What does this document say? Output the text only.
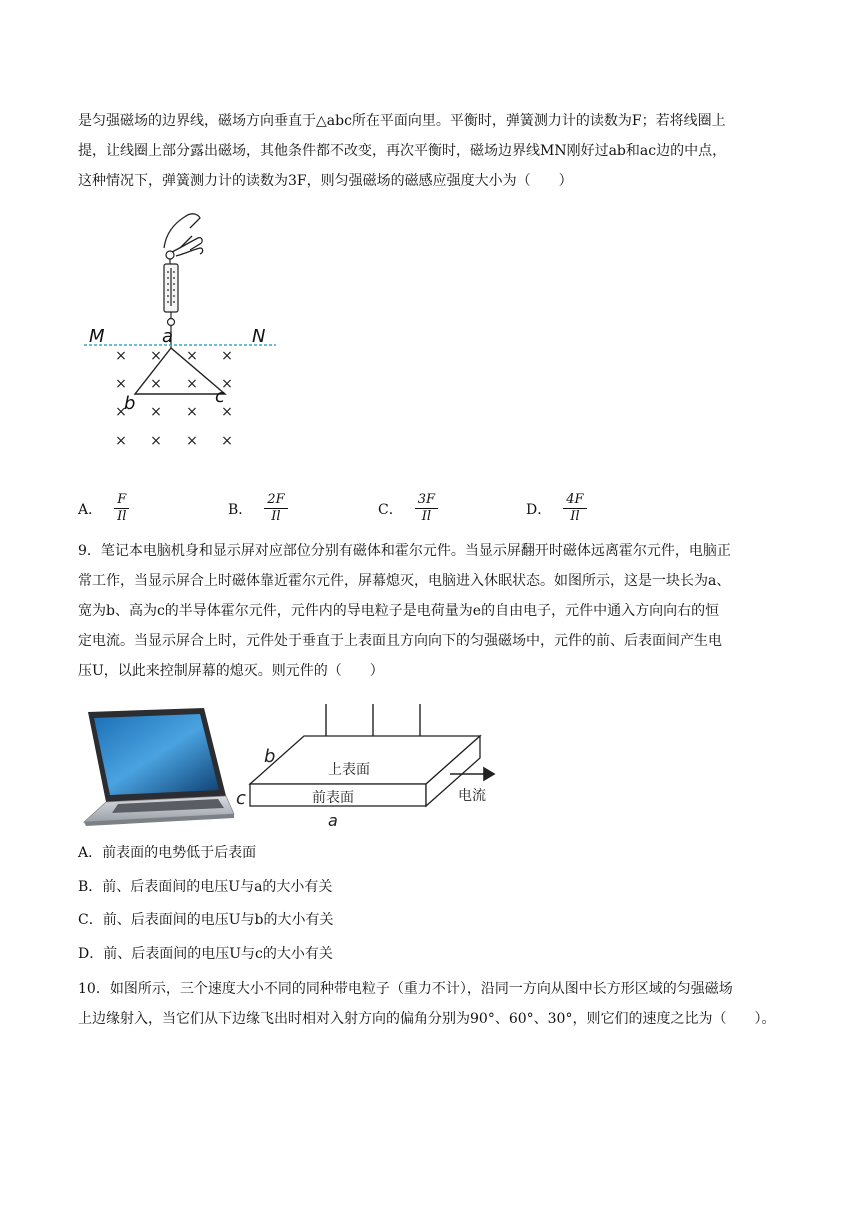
是匀强磁场的边界线，磁场方向垂直于△abc所在平面向里。平衡时，弹簧测力计的读数为F；若将线圈上
提，让线圈上部分露出磁场，其他条件都不改变，再次平衡时，磁场边界线MN刚好过ab和ac边的中点，
这种情况下，弹簧测力计的读数为3F，则匀强磁场的磁感应强度大小为（　　）
M	a	N
b	c
× × × ×
× × × ×
× × × ×
× × × ×
A． $\frac{F}{Il}$	B． $\frac{2F}{Il}$	C． $\frac{3F}{Il}$	D． $\frac{4F}{Il}$
9．笔记本电脑机身和显示屏对应部位分别有磁体和霍尔元件。当显示屏翻开时磁体远离霍尔元件，电脑正
常工作，当显示屏合上时磁体靠近霍尔元件，屏幕熄灭，电脑进入休眠状态。如图所示，这是一块长为a、
宽为b、高为c的半导体霍尔元件，元件内的导电粒子是电荷量为e的自由电子，元件中通入方向向右的恒
定电流。当显示屏合上时，元件处于垂直于上表面且方向向下的匀强磁场中，元件的前、后表面间产生电
压U，以此来控制屏幕的熄灭。则元件的（　　）
上表面
前表面
b
c
a
电流
A．前表面的电势低于后表面
B．前、后表面间的电压U与a的大小有关
C．前、后表面间的电压U与b的大小有关
D．前、后表面间的电压U与c的大小有关
10．如图所示，三个速度大小不同的同种带电粒子（重力不计），沿同一方向从图中长方形区域的匀强磁场
上边缘射入，当它们从下边缘飞出时相对入射方向的偏角分别为90°、60°、30°，则它们的速度之比为（　　）。
